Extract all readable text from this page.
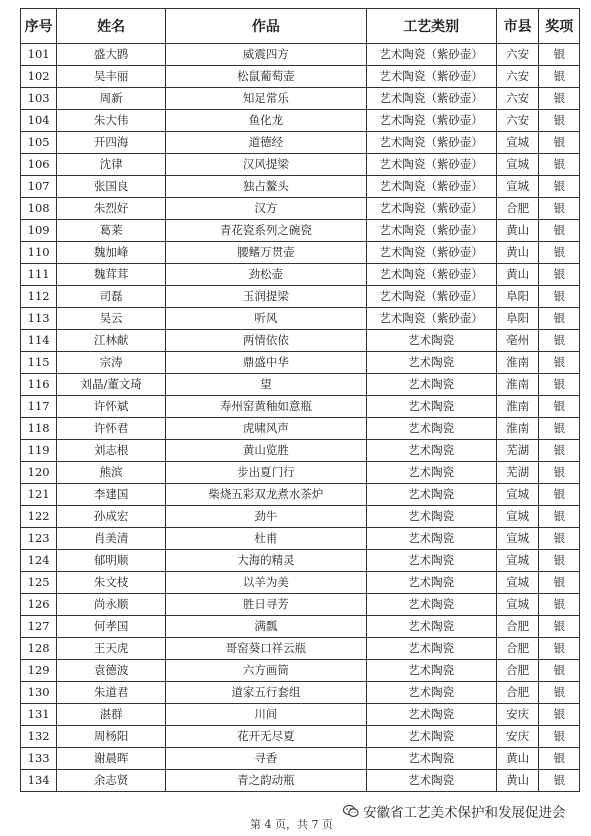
序号	姓名	作品	工艺类别	市县	奖项
101	盛大鹍	威震四方	艺术陶瓷（紫砂壶）	六安	银
102	吴丰丽	松鼠葡萄壶	艺术陶瓷（紫砂壶）	六安	银
103	周新	知足常乐	艺术陶瓷（紫砂壶）	六安	银
104	朱大伟	鱼化龙	艺术陶瓷（紫砂壶）	六安	银
105	开四海	道德经	艺术陶瓷（紫砂壶）	宣城	银
106	沈律	汉风提梁	艺术陶瓷（紫砂壶）	宣城	银
107	张国良	独占鳌头	艺术陶瓷（紫砂壶）	宣城	银
108	朱烈好	汉方	艺术陶瓷（紫砂壶）	合肥	银
109	葛莱	青花瓷系列之碗瓷	艺术陶瓷（紫砂壶）	黄山	银
110	魏加峰	腰鳍万贯壶	艺术陶瓷（紫砂壶）	黄山	银
111	魏茸茸	劲松壶	艺术陶瓷（紫砂壶）	黄山	银
112	司磊	玉润提梁	艺术陶瓷（紫砂壶）	阜阳	银
113	吴云	听风	艺术陶瓷（紫砂壶）	阜阳	银
114	江林献	两情依依	艺术陶瓷	亳州	银
115	宗涛	鼎盛中华	艺术陶瓷	淮南	银
116	刘晶/董文琦	望	艺术陶瓷	淮南	银
117	许怀斌	寿州窑黄釉如意瓶	艺术陶瓷	淮南	银
118	许怀君	虎啸风声	艺术陶瓷	淮南	银
119	刘志根	黄山览胜	艺术陶瓷	芜湖	银
120	熊滨	步出夏门行	艺术陶瓷	芜湖	银
121	李建国	柴烧五彩双龙煮水茶炉	艺术陶瓷	宣城	银
122	孙成宏	劲牛	艺术陶瓷	宣城	银
123	肖美清	杜甫	艺术陶瓷	宣城	银
124	郁明顺	大海的精灵	艺术陶瓷	宣城	银
125	朱文枝	以羊为美	艺术陶瓷	宣城	银
126	尚永顺	胜日寻芳	艺术陶瓷	宣城	银
127	何孝国	满瓢	艺术陶瓷	合肥	银
128	王天虎	哥窑葵口祥云瓶	艺术陶瓷	合肥	银
129	袁德波	六方画筒	艺术陶瓷	合肥	银
130	朱道君	道家五行套组	艺术陶瓷	合肥	银
131	湛群	川间	艺术陶瓷	安庆	银
132	周杨阳	花开无尽夏	艺术陶瓷	安庆	银
133	谢晨晖	寻香	艺术陶瓷	黄山	银
134	余志贤	青之韵动瓶	艺术陶瓷	黄山	银
第 4 页，共 7 页
安徽省工艺美术保护和发展促进会
